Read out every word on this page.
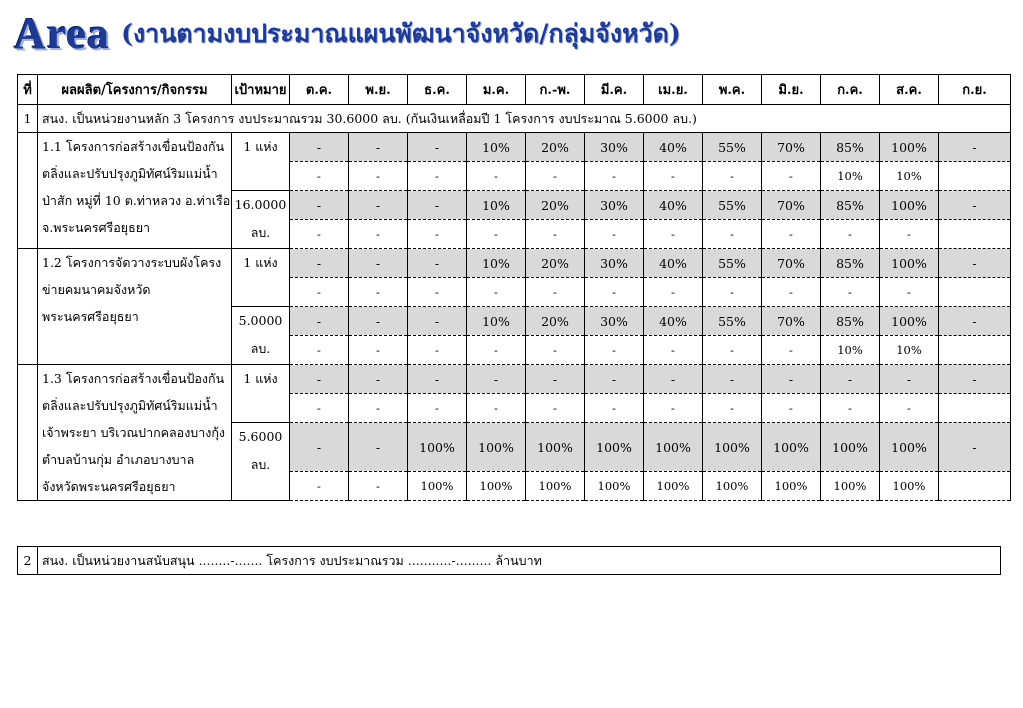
Area (งานตามงบประมาณแผนพัฒนาจังหวัด/กลุ่มจังหวัด)
ที่	ผลผลิต/โครงการ/กิจกรรม	เป้าหมาย	ต.ค.	พ.ย.	ธ.ค.	ม.ค.	ก.-พ.	มี.ค.	เม.ย.	พ.ค.	มิ.ย.	ก.ค.	ส.ค.	ก.ย.
1	สนง. เป็นหน่วยงานหลัก 3 โครงการ งบประมาณรวม 30.6000 ลบ. (กันเงินเหลื่อมปี 1 โครงการ งบประมาณ 5.6000 ลบ.)													
	1.1 โครงการก่อสร้างเขื่อนป้องกันตลิ่งและปรับปรุงภูมิทัศน์ริมแม่น้ำป่าสัก หมู่ที่ 10 ต.ท่าหลวง อ.ท่าเรือ จ.พระนครศรีอยุธยา	1 แห่ง	-	-	-	10%	20%	30%	40%	55%	70%	85%	100%	-
			-	-	-	-	-	-	-	-	-	10%	10%	
		16.0000 ลบ.	-	-	-	10%	20%	30%	40%	55%	70%	85%	100%	-
			-	-	-	-	-	-	-	-	-	-	-	
	1.2 โครงการจัดวางระบบผังโครงข่ายคมนาคมจังหวัดพระนครศรีอยุธยา	1 แห่ง	-	-	-	10%	20%	30%	40%	55%	70%	85%	100%	-
			-	-	-	-	-	-	-	-	-	-	-	
		5.0000 ลบ.	-	-	-	10%	20%	30%	40%	55%	70%	85%	100%	-
			-	-	-	-	-	-	-	-	-	10%	10%	
	1.3 โครงการก่อสร้างเขื่อนป้องกันตลิ่งและปรับปรุงภูมิทัศน์ริมแม่น้ำเจ้าพระยา บริเวณปากคลองบางกุ้ง ตำบลบ้านกุ่ม อำเภอบางบาล จังหวัดพระนครศรีอยุธยา	1 แห่ง	-	-	-	-	-	-	-	-	-	-	-	-
			-	-	-	-	-	-	-	-	-	-	-	
		5.6000 ลบ.	-	-	100%	100%	100%	100%	100%	100%	100%	100%	100%	-
			-	-	100%	100%	100%	100%	100%	100%	100%	100%	100%	
2	สนง. เป็นหน่วยงานสนับสนุน ........-....... โครงการ งบประมาณรวม ...........-......... ล้านบาท
